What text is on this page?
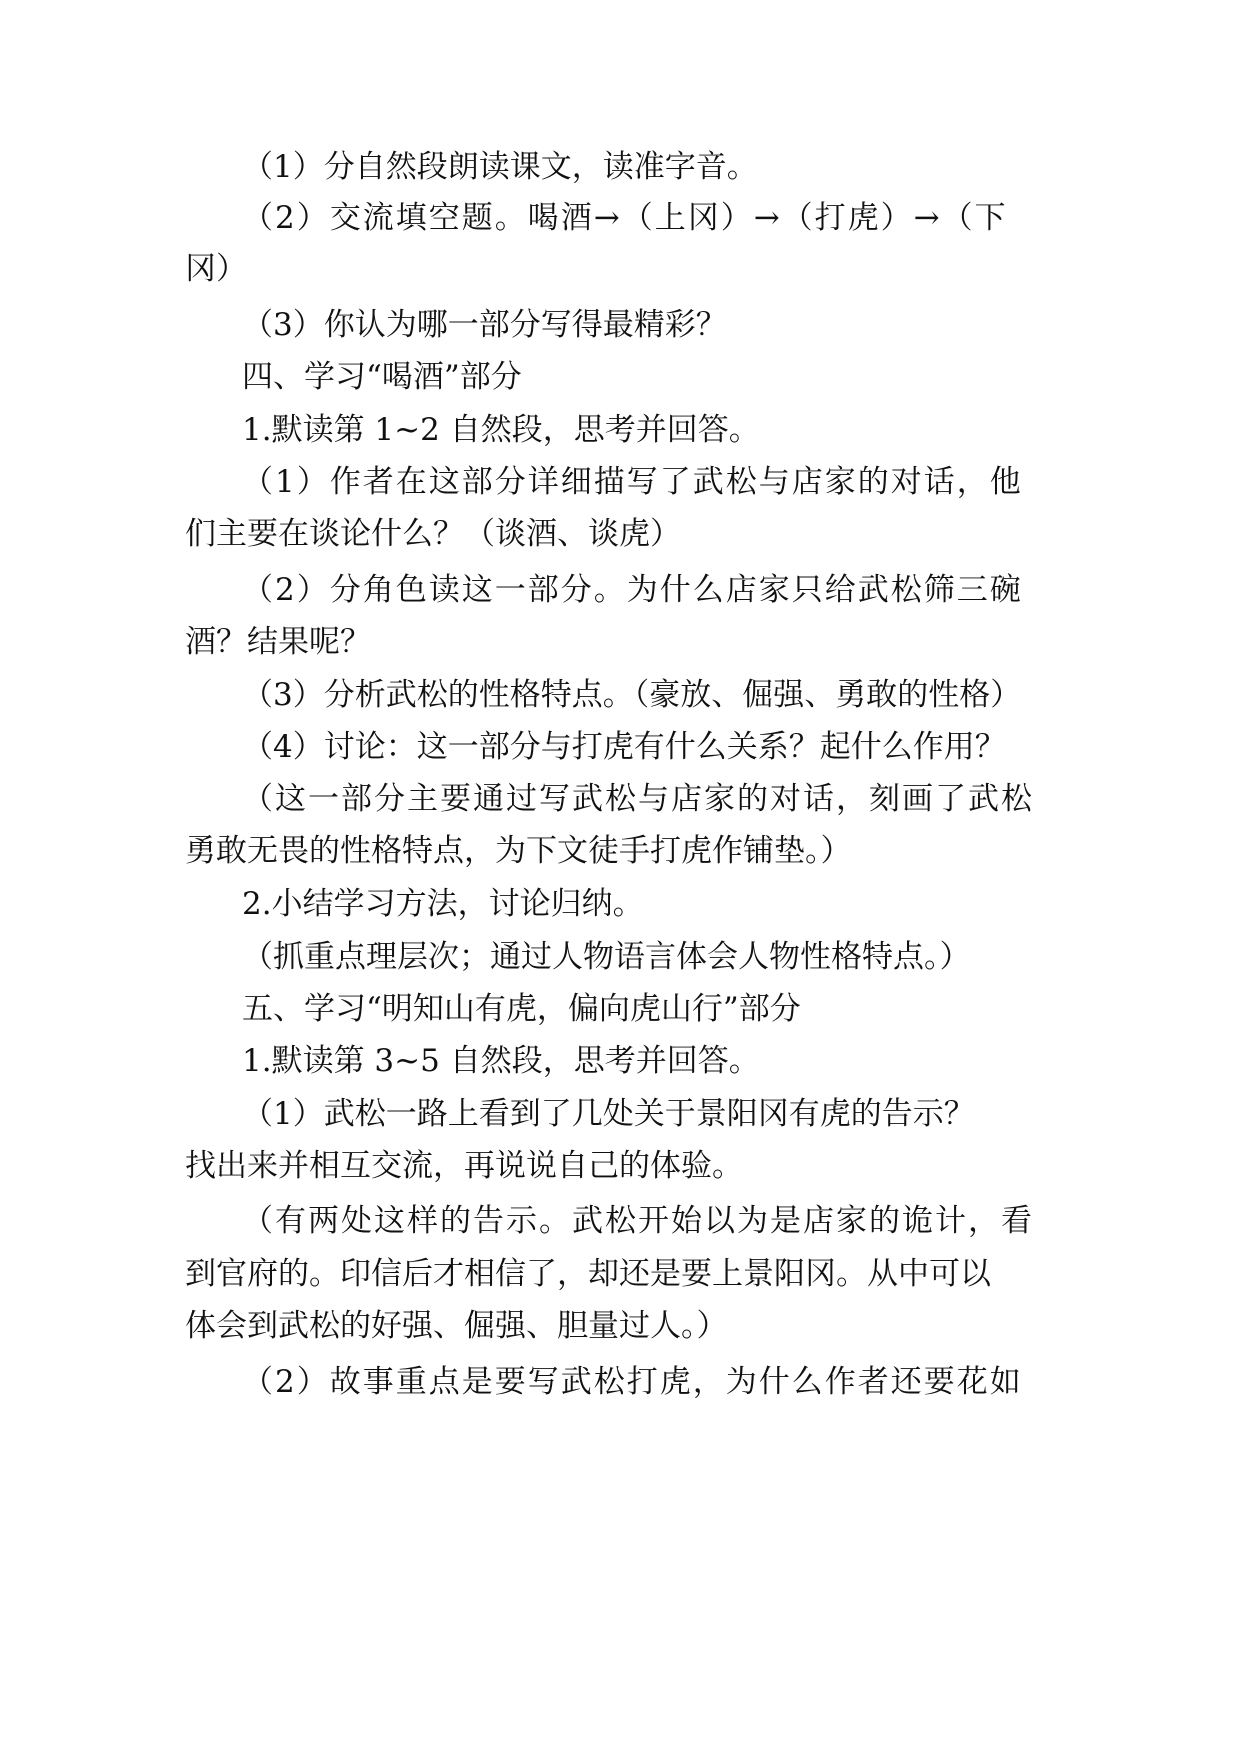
（1）分自然段朗读课文，读准字音。
（2）交流填空题。喝酒→（上冈）→（打虎）→（下
冈）
（3）你认为哪一部分写得最精彩？
四、学习“喝酒”部分
1.默读第 1~2 自然段，思考并回答。
（1）作者在这部分详细描写了武松与店家的对话，他
们主要在谈论什么？（谈酒、谈虎）
（2）分角色读这一部分。为什么店家只给武松筛三碗
酒？结果呢？
（3）分析武松的性格特点。（豪放、倔强、勇敢的性格）
（4）讨论：这一部分与打虎有什么关系？起什么作用？
（这一部分主要通过写武松与店家的对话，刻画了武松
勇敢无畏的性格特点，为下文徒手打虎作铺垫。）
2.小结学习方法，讨论归纳。
（抓重点理层次；通过人物语言体会人物性格特点。）
五、学习“明知山有虎，偏向虎山行”部分
1.默读第 3~5 自然段，思考并回答。
（1）武松一路上看到了几处关于景阳冈有虎的告示？
找出来并相互交流，再说说自己的体验。
（有两处这样的告示。武松开始以为是店家的诡计，看
到官府的。印信后才相信了，却还是要上景阳冈。从中可以
体会到武松的好强、倔强、胆量过人。）
（2）故事重点是要写武松打虎，为什么作者还要花如
